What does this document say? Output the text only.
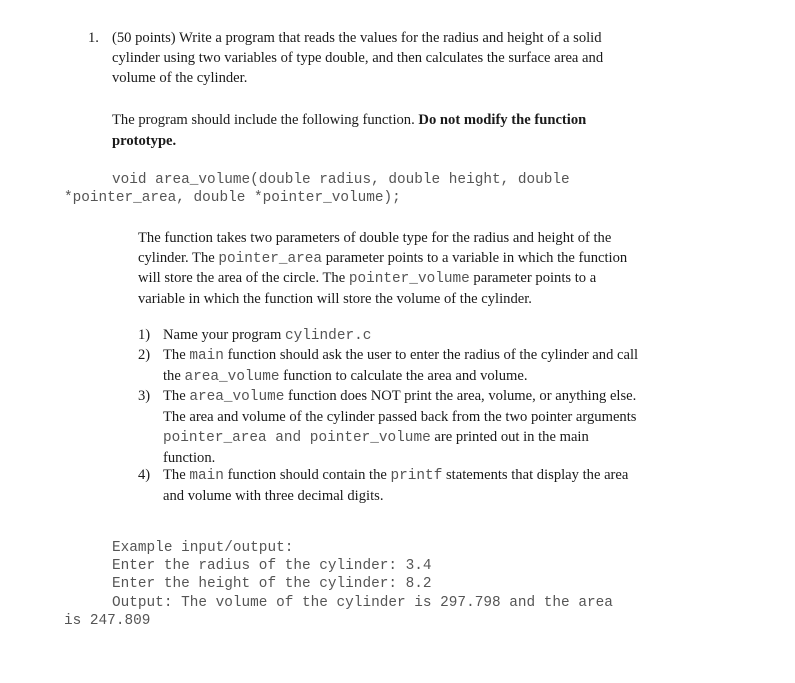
1. (50 points) Write a program that reads the values for the radius and height of a solid
cylinder using two variables of type double, and then calculates the surface area and
volume of the cylinder.
The program should include the following function. Do not modify the function
prototype.
void area_volume(double radius, double height, double
*pointer_area, double *pointer_volume);
The function takes two parameters of double type for the radius and height of the
cylinder. The pointer_area parameter points to a variable in which the function
will store the area of the circle. The pointer_volume parameter points to a
variable in which the function will store the volume of the cylinder.
1) Name your program cylinder.c
2) The main function should ask the user to enter the radius of the cylinder and call
the area_volume function to calculate the area and volume.
3) The area_volume function does NOT print the area, volume, or anything else.
The area and volume of the cylinder passed back from the two pointer arguments
pointer_area and pointer_volume are printed out in the main
function.
4) The main function should contain the printf statements that display the area
and volume with three decimal digits.
Example input/output:
Enter the radius of the cylinder: 3.4
Enter the height of the cylinder: 8.2
Output: The volume of the cylinder is 297.798 and the area
is 247.809
